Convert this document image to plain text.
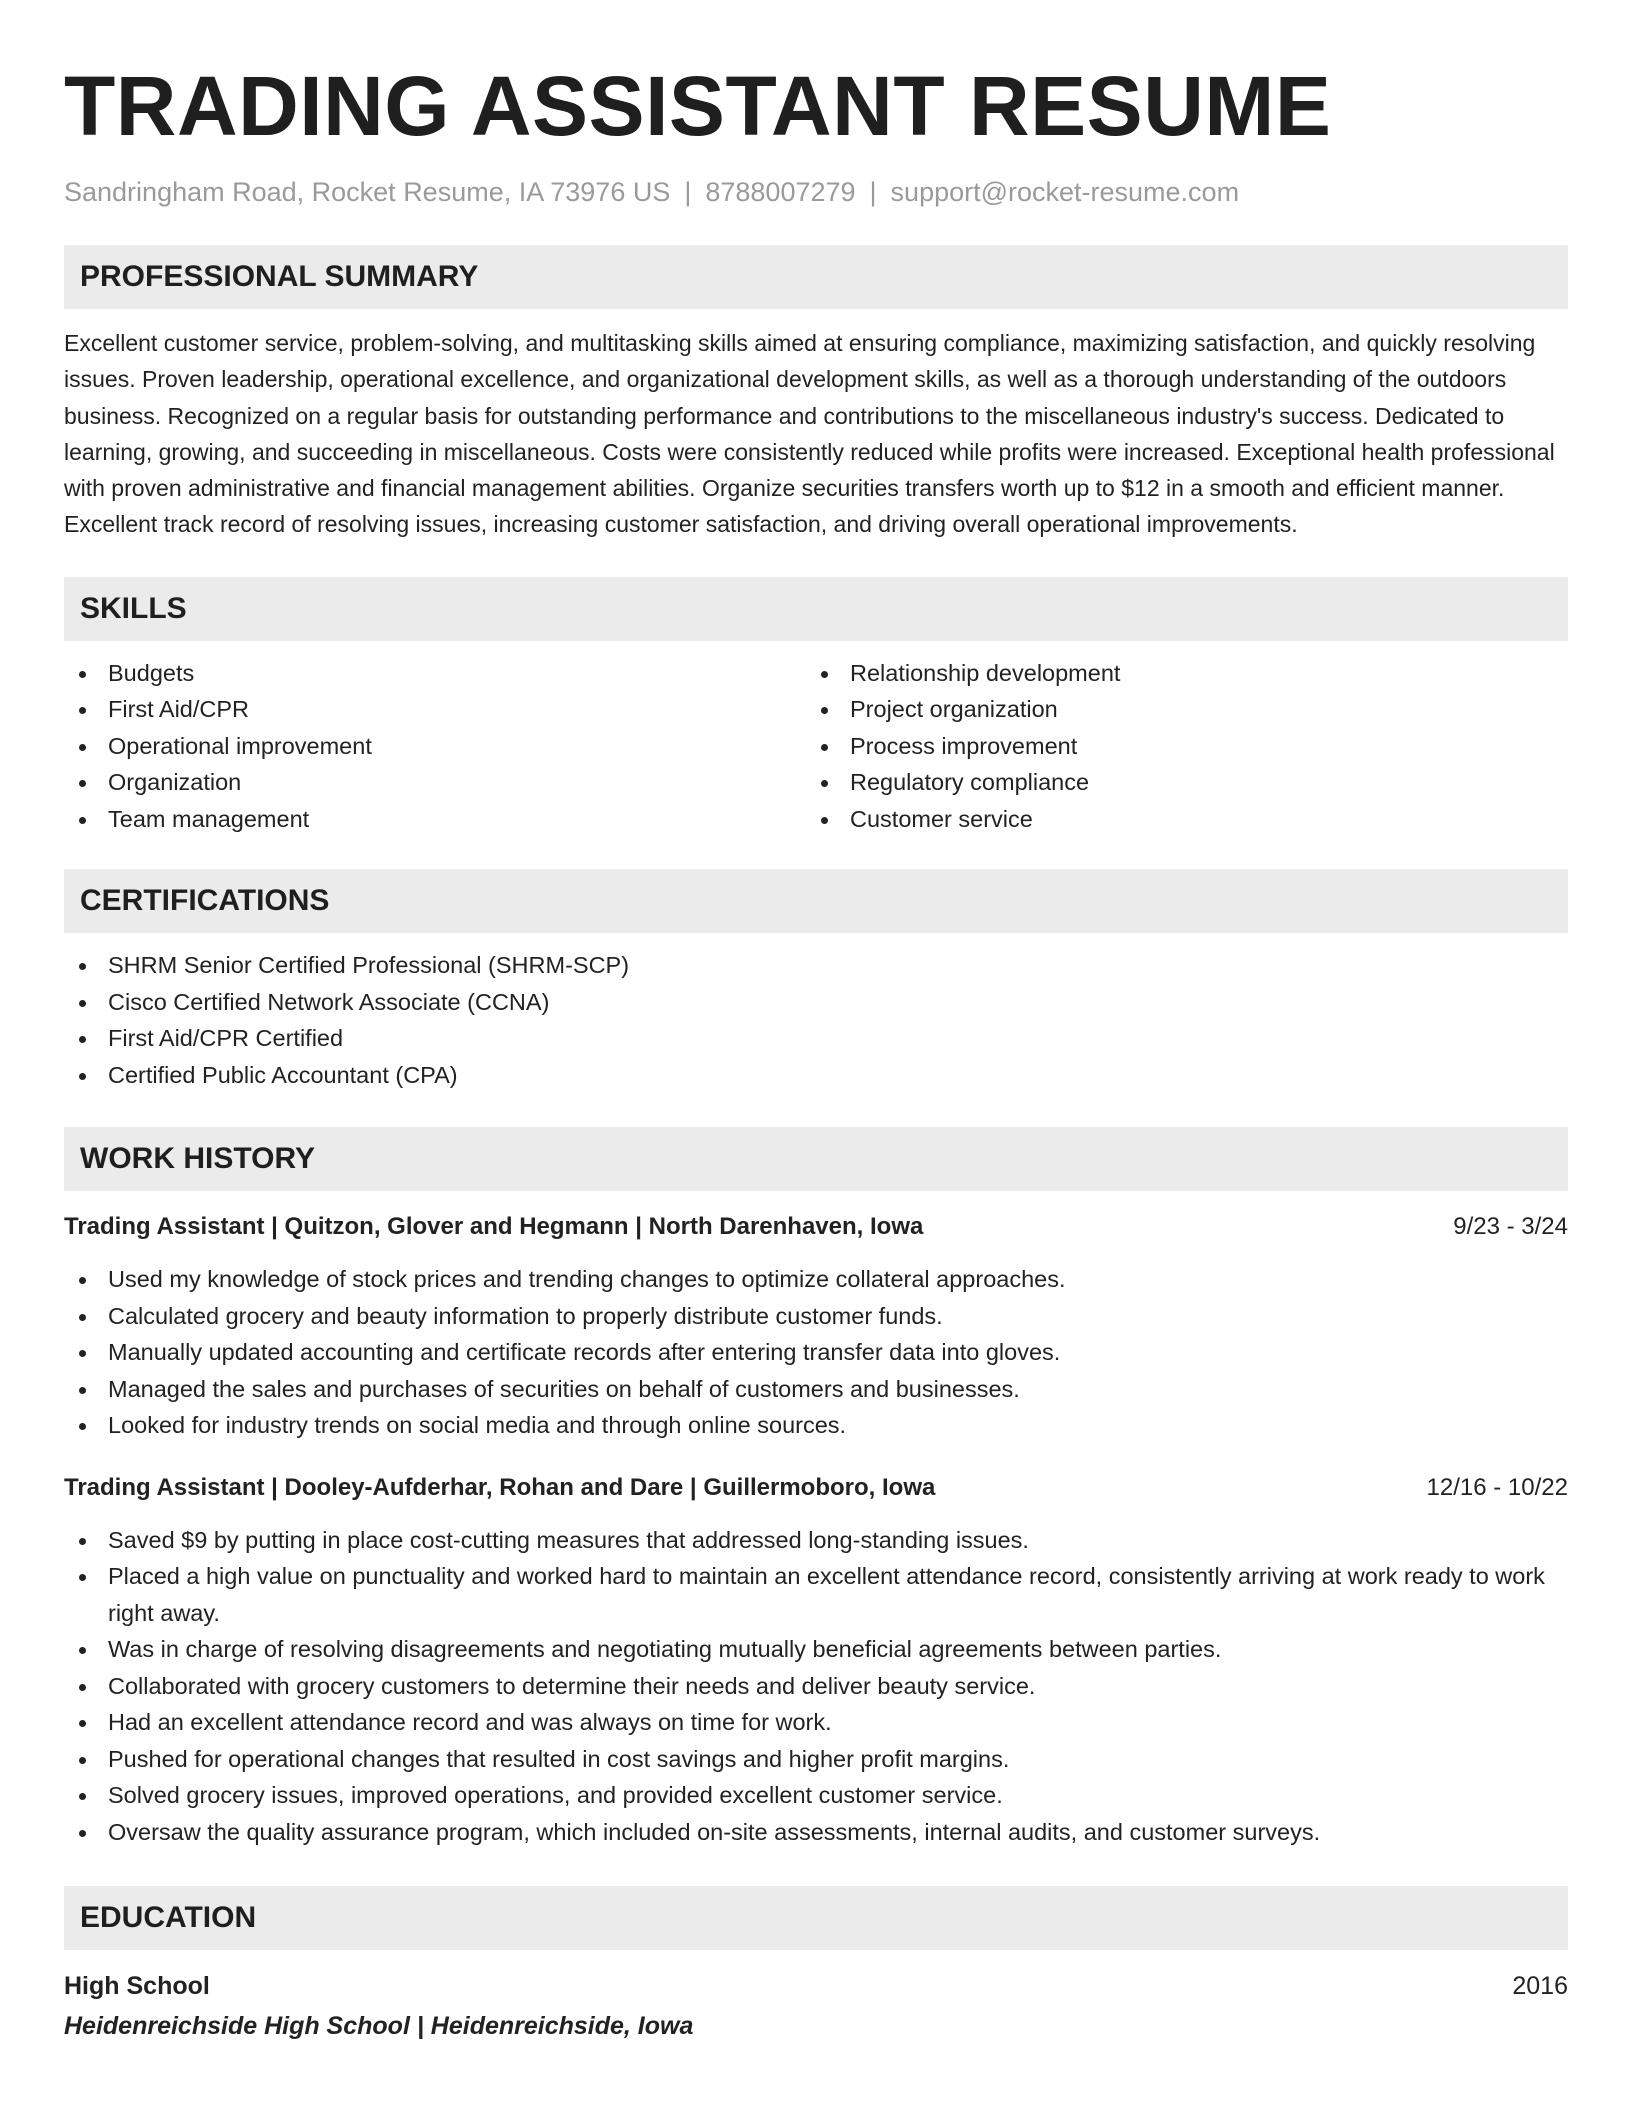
TRADING ASSISTANT RESUME
Sandringham Road, Rocket Resume, IA 73976 US | 8788007279 | support@rocket-resume.com
PROFESSIONAL SUMMARY

Excellent customer service, problem-solving, and multitasking skills aimed at ensuring compliance, maximizing satisfaction, and quickly resolving issues. Proven leadership, operational excellence, and organizational development skills, as well as a thorough understanding of the outdoors business. Recognized on a regular basis for outstanding performance and contributions to the miscellaneous industry's success. Dedicated to learning, growing, and succeeding in miscellaneous. Costs were consistently reduced while profits were increased. Exceptional health professional with proven administrative and financial management abilities. Organize securities transfers worth up to $12 in a smooth and efficient manner. Excellent track record of resolving issues, increasing customer satisfaction, and driving overall operational improvements.

SKILLS
Budgets
First Aid/CPR
Operational improvement
Organization
Team management
Relationship development
Project organization
Process improvement
Regulatory compliance
Customer service
CERTIFICATIONS
SHRM Senior Certified Professional (SHRM-SCP)
Cisco Certified Network Associate (CCNA)
First Aid/CPR Certified
Certified Public Accountant (CPA)
WORK HISTORY
Trading Assistant | Quitzon, Glover and Hegmann | North Darenhaven, Iowa	9/23 - 3/24
Used my knowledge of stock prices and trending changes to optimize collateral approaches.
Calculated grocery and beauty information to properly distribute customer funds.
Manually updated accounting and certificate records after entering transfer data into gloves.
Managed the sales and purchases of securities on behalf of customers and businesses.
Looked for industry trends on social media and through online sources.
Trading Assistant | Dooley-Aufderhar, Rohan and Dare | Guillermoboro, Iowa	12/16 - 10/22
Saved $9 by putting in place cost-cutting measures that addressed long-standing issues.
Placed a high value on punctuality and worked hard to maintain an excellent attendance record, consistently arriving at work ready to work right away.
Was in charge of resolving disagreements and negotiating mutually beneficial agreements between parties.
Collaborated with grocery customers to determine their needs and deliver beauty service.
Had an excellent attendance record and was always on time for work.
Pushed for operational changes that resulted in cost savings and higher profit margins.
Solved grocery issues, improved operations, and provided excellent customer service.
Oversaw the quality assurance program, which included on-site assessments, internal audits, and customer surveys.
EDUCATION
High School	2016
Heidenreichside High School | Heidenreichside, Iowa
